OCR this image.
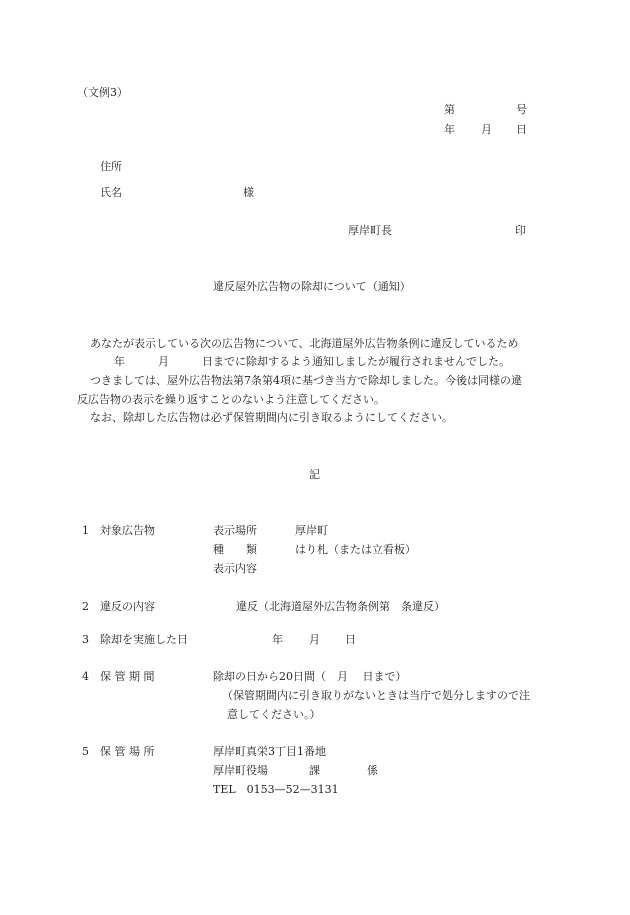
（文例3）
第	号
年 月 日
住所
氏名	様
厚岸町長	印
違反屋外広告物の除却について（通知）
あなたが表示している次の広告物について、北海道屋外広告物条例に違反しているため
年　　　月　　　日までに除却するよう通知しましたが履行されませんでした。
つきましては、屋外広告物法第7条第4項に基づき当方で除却しました。今後は同様の違
反広告物の表示を繰り返すことのないよう注意してください。
なお、除却した広告物は必ず保管期間内に引き取るようにしてください。
記
1 対象広告物	表示場所	厚岸町
種　　類	はり札（または立看板）
表示内容
2 違反の内容	違反（北海道屋外広告物条例第　条違反）
3 除却を実施した日	年 月 日
4 保 管 期 間	除却の日から20日間（　月　 日まで）
（保管期間内に引き取りがないときは当庁で処分しますので注
意してください。）
5 保 管 場 所	厚岸町真栄3丁目1番地
厚岸町役場	課	係
TEL　0153—52—3131
